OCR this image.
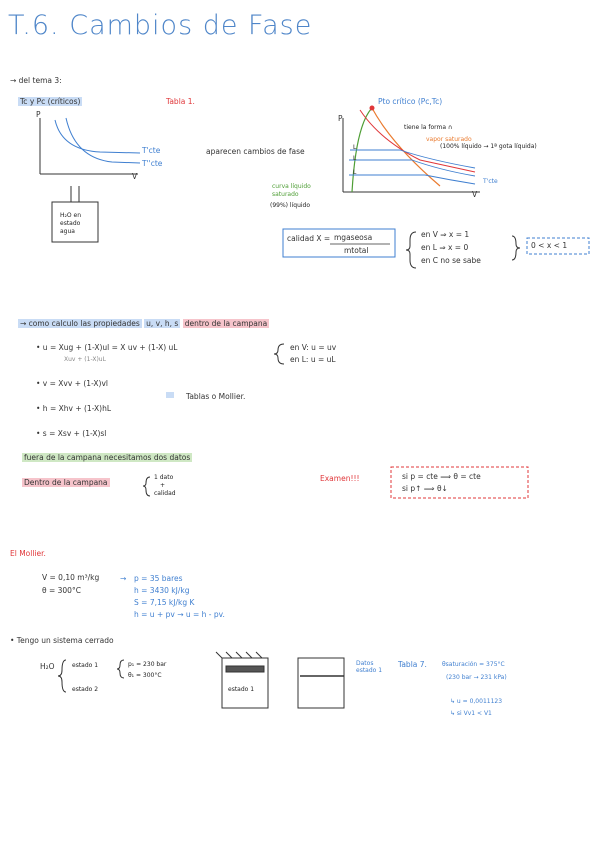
T.6. Cambios de Fase
→ del tema 3:
Tc y Pc (críticos)	Tabla 1.
P
V
T'cte
T''cte
aparecen cambios de fase
H₂O en
estado
agua
P
V
Pto crítico (Pc,Tc)
tiene la forma ∩
vapor saturado
(100% líquido → 1ª gota líquida)
curva líquido
saturado
(99%) líquido
T'cte
L
L
L
calidad X = mgaseosa
mtotal
en V ⇒ x = 1
en L ⇒ x = 0
en C no se sabe
0 < x < 1
→ como calculo las propiedades u, v, h, s dentro de la campana
• u = Xug + (1-X)ul = X uv + (1-X) uL
Xuv + (1-X)uL
en V: u = uv
en L: u = uL
• v = Xvv + (1-X)vl
Tablas o Mollier.
• h = Xhv + (1-X)hL
• s = Xsv + (1-X)sl
fuera de la campana necesitamos dos datos
Dentro de la campana
1 dato
+
calidad
Examen!!!	si p = cte ⟹ θ = cte
si p↑ ⟹ θ↓
El Mollier.
V = 0,10 m³/kg
θ = 300°C
→ p = 35 bares
h = 3430 kJ/kg
S = 7,15 kJ/kg K
h = u + pv → u = h - pv.
• Tengo un sistema cerrado
H₂O	estado 1
estado 2
p₁ = 230 bar
θ₁ = 300°C
estado 1
Datos
estado 1
Tabla 7.	θsaturación = 375°C
(230 bar → 231 kPa)
↳ u = 0,0011123
↳ si Vv1 < V1
